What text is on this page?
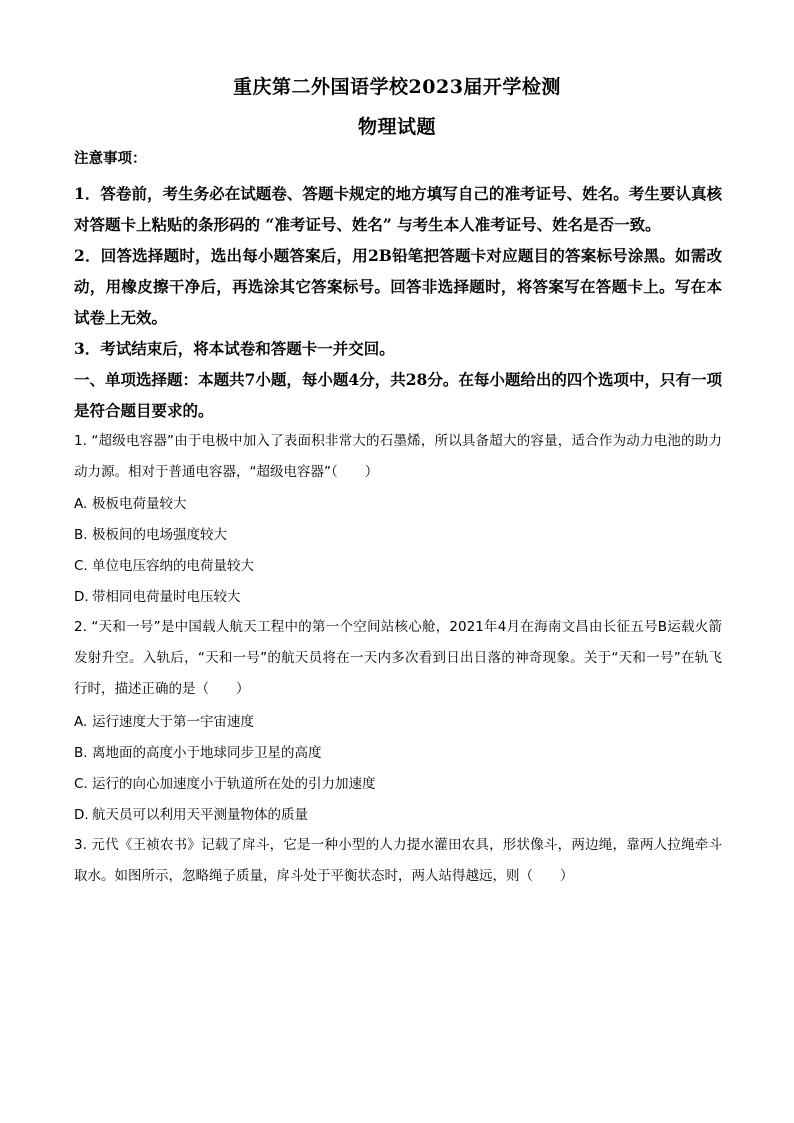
重庆第二外国语学校2023届开学检测
物理试题
注意事项：
1．答卷前，考生务必在试题卷、答题卡规定的地方填写自己的准考证号、姓名。考生要认真核对答题卡上粘贴的条形码的 “准考证号、姓名” 与考生本人准考证号、姓名是否一致。
2．回答选择题时，选出每小题答案后，用2B铅笔把答题卡对应题目的答案标号涂黑。如需改动，用橡皮擦干净后，再选涂其它答案标号。回答非选择题时，将答案写在答题卡上。写在本试卷上无效。
3．考试结束后，将本试卷和答题卡一并交回。
一、单项选择题：本题共7小题，每小题4分，共28分。在每小题给出的四个选项中，只有一项是符合题目要求的。
1. “超级电容器”由于电极中加入了表面积非常大的石墨烯，所以具备超大的容量，适合作为动力电池的助力动力源。相对于普通电容器，“超级电容器”（　　）
A. 极板电荷量较大
B. 极板间的电场强度较大
C. 单位电压容纳的电荷量较大
D. 带相同电荷量时电压较大
2. “天和一号”是中国载人航天工程中的第一个空间站核心舱，2021年4月在海南文昌由长征五号B运载火箭发射升空。入轨后，“天和一号”的航天员将在一天内多次看到日出日落的神奇现象。关于“天和一号”在轨飞行时，描述正确的是（　　）
A. 运行速度大于第一宇宙速度
B. 离地面的高度小于地球同步卫星的高度
C. 运行的向心加速度小于轨道所在处的引力加速度
D. 航天员可以利用天平测量物体的质量
3. 元代《王祯农书》记载了戽斗，它是一种小型的人力提水灌田农具，形状像斗，两边绳，靠两人拉绳牵斗取水。如图所示，忽略绳子质量，戽斗处于平衡状态时，两人站得越远，则（　　）
